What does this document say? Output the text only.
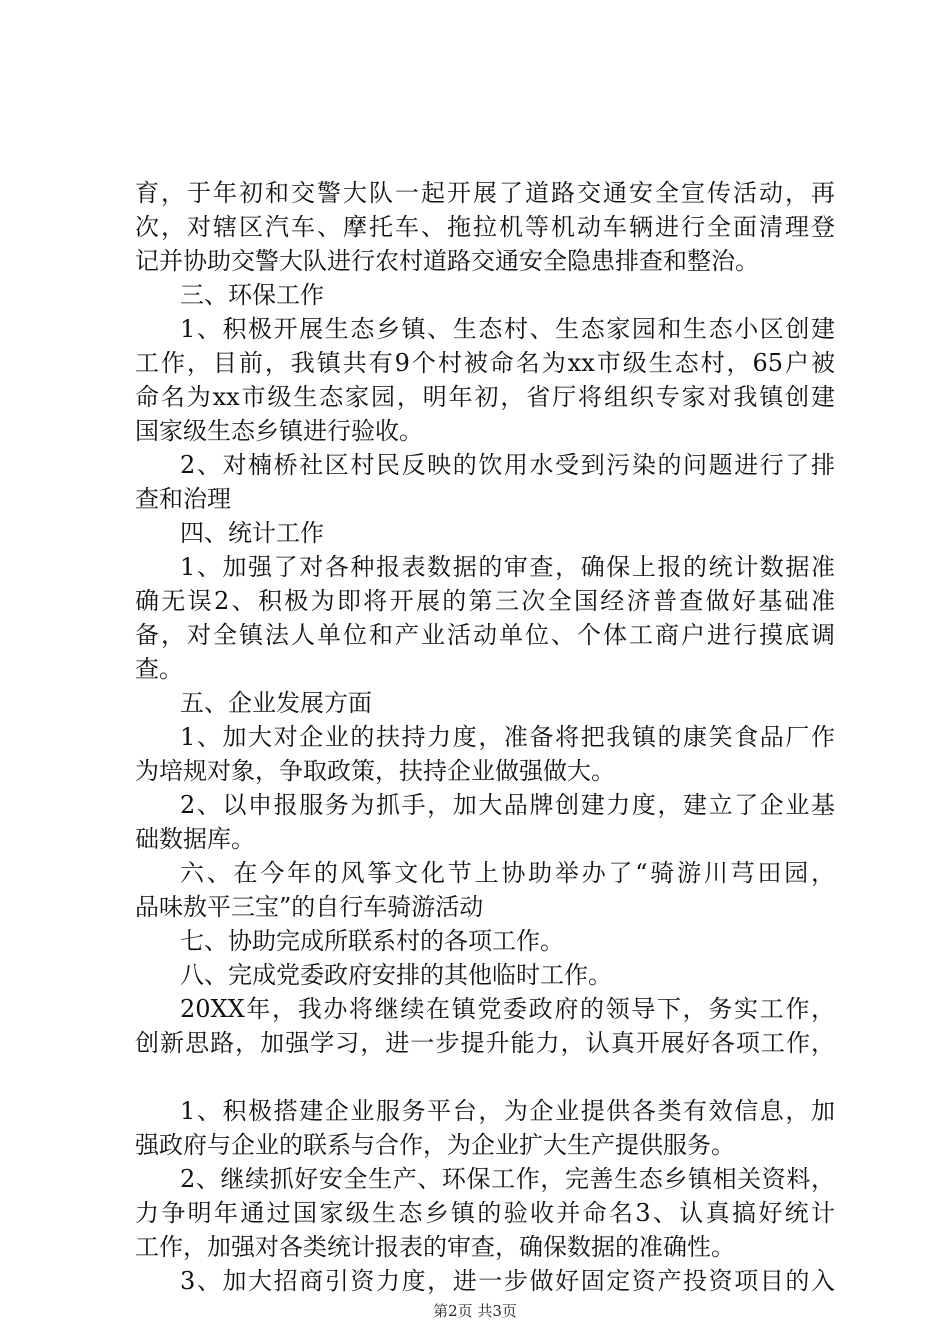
育，于年初和交警大队一起开展了道路交通安全宣传活动，再
次，对辖区汽车、摩托车、拖拉机等机动车辆进行全面清理登
记并协助交警大队进行农村道路交通安全隐患排查和整治。
三、环保工作
1、积极开展生态乡镇、生态村、生态家园和生态小区创建
工作，目前，我镇共有9个村被命名为xx市级生态村，65户被
命名为xx市级生态家园，明年初，省厅将组织专家对我镇创建
国家级生态乡镇进行验收。
2、对楠桥社区村民反映的饮用水受到污染的问题进行了排
查和治理
四、统计工作
1、加强了对各种报表数据的审查，确保上报的统计数据准
确无误2、积极为即将开展的第三次全国经济普查做好基础准
备，对全镇法人单位和产业活动单位、个体工商户进行摸底调
查。
五、企业发展方面
1、加大对企业的扶持力度，准备将把我镇的康笑食品厂作
为培规对象，争取政策，扶持企业做强做大。
2、以申报服务为抓手，加大品牌创建力度，建立了企业基
础数据库。
六、在今年的风筝文化节上协助举办了“骑游川芎田园，
品味敖平三宝”的自行车骑游活动
七、协助完成所联系村的各项工作。
八、完成党委政府安排的其他临时工作。
20XX年，我办将继续在镇党委政府的领导下，务实工作，
创新思路，加强学习，进一步提升能力，认真开展好各项工作，
1、积极搭建企业服务平台，为企业提供各类有效信息，加
强政府与企业的联系与合作，为企业扩大生产提供服务。
2、继续抓好安全生产、环保工作，完善生态乡镇相关资料，
力争明年通过国家级生态乡镇的验收并命名3、认真搞好统计
工作，加强对各类统计报表的审查，确保数据的准确性。
3、加大招商引资力度，进一步做好固定资产投资项目的入
第2页 共3页
